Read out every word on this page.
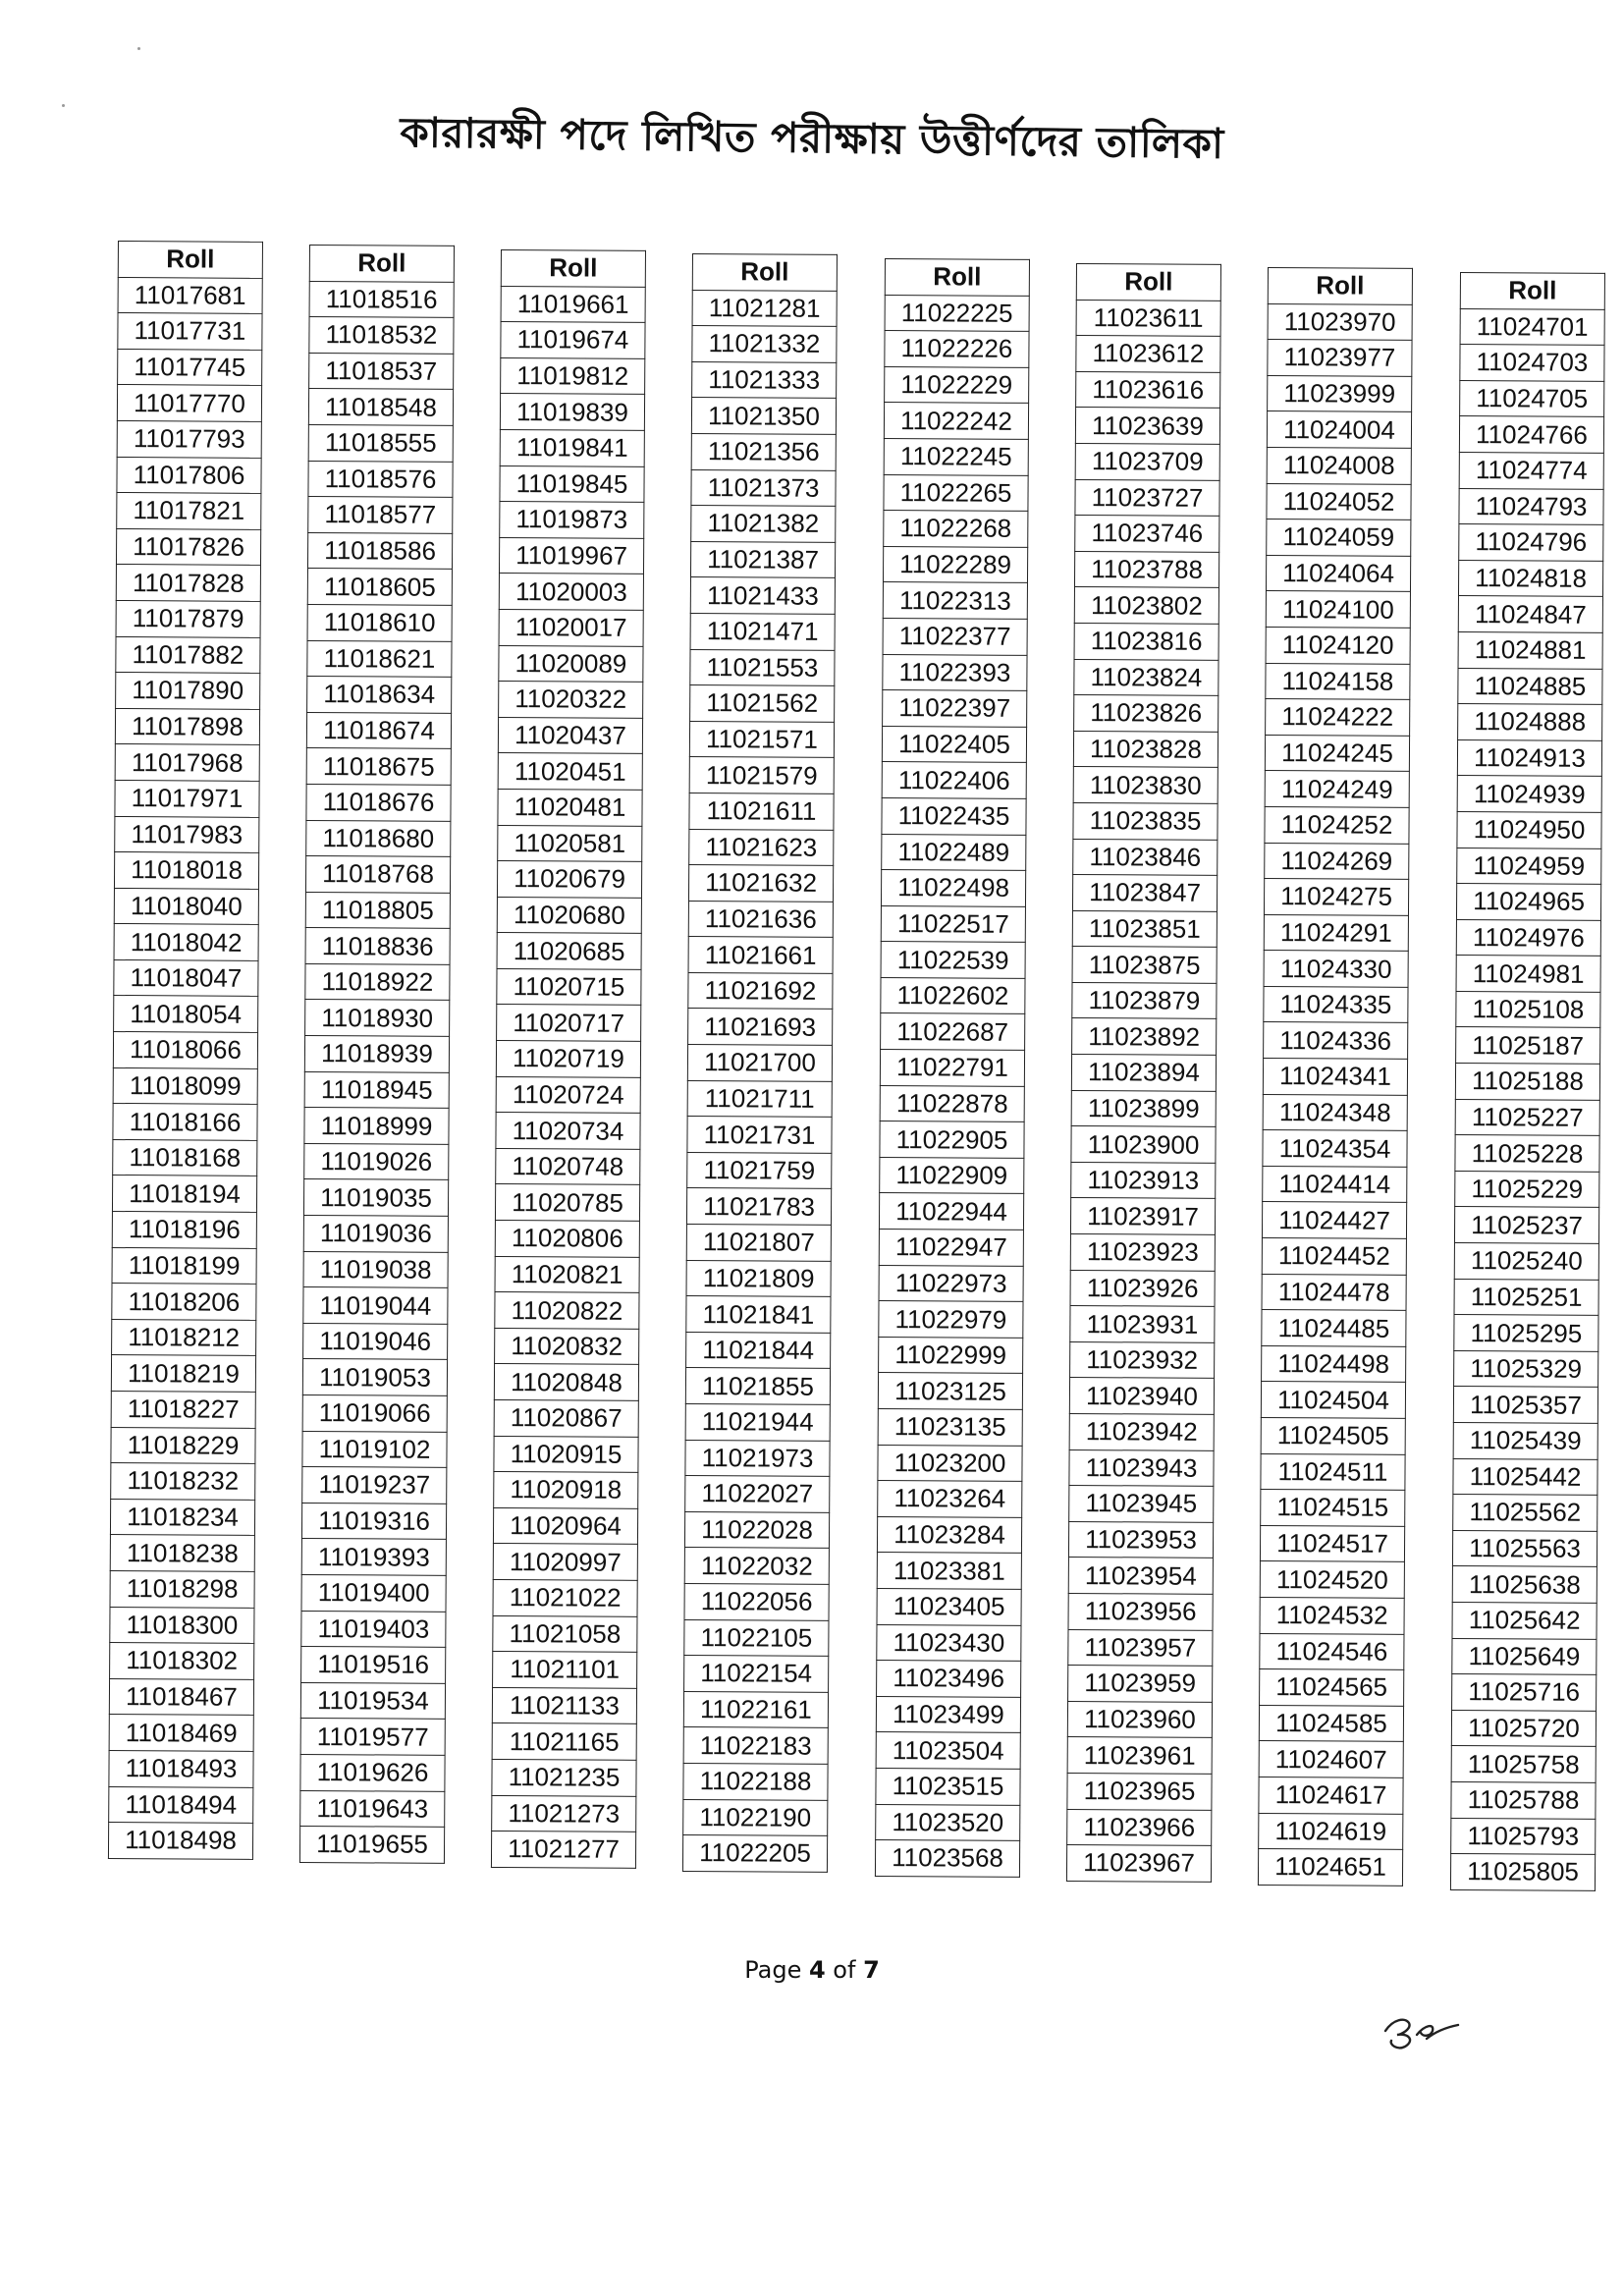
কারারক্ষী পদে লিখিত পরীক্ষায় উত্তীর্ণদের তালিকা
Roll
11017681
11017731
11017745
11017770
11017793
11017806
11017821
11017826
11017828
11017879
11017882
11017890
11017898
11017968
11017971
11017983
11018018
11018040
11018042
11018047
11018054
11018066
11018099
11018166
11018168
11018194
11018196
11018199
11018206
11018212
11018219
11018227
11018229
11018232
11018234
11018238
11018298
11018300
11018302
11018467
11018469
11018493
11018494
11018498
Roll
11018516
11018532
11018537
11018548
11018555
11018576
11018577
11018586
11018605
11018610
11018621
11018634
11018674
11018675
11018676
11018680
11018768
11018805
11018836
11018922
11018930
11018939
11018945
11018999
11019026
11019035
11019036
11019038
11019044
11019046
11019053
11019066
11019102
11019237
11019316
11019393
11019400
11019403
11019516
11019534
11019577
11019626
11019643
11019655
Roll
11019661
11019674
11019812
11019839
11019841
11019845
11019873
11019967
11020003
11020017
11020089
11020322
11020437
11020451
11020481
11020581
11020679
11020680
11020685
11020715
11020717
11020719
11020724
11020734
11020748
11020785
11020806
11020821
11020822
11020832
11020848
11020867
11020915
11020918
11020964
11020997
11021022
11021058
11021101
11021133
11021165
11021235
11021273
11021277
Roll
11021281
11021332
11021333
11021350
11021356
11021373
11021382
11021387
11021433
11021471
11021553
11021562
11021571
11021579
11021611
11021623
11021632
11021636
11021661
11021692
11021693
11021700
11021711
11021731
11021759
11021783
11021807
11021809
11021841
11021844
11021855
11021944
11021973
11022027
11022028
11022032
11022056
11022105
11022154
11022161
11022183
11022188
11022190
11022205
Roll
11022225
11022226
11022229
11022242
11022245
11022265
11022268
11022289
11022313
11022377
11022393
11022397
11022405
11022406
11022435
11022489
11022498
11022517
11022539
11022602
11022687
11022791
11022878
11022905
11022909
11022944
11022947
11022973
11022979
11022999
11023125
11023135
11023200
11023264
11023284
11023381
11023405
11023430
11023496
11023499
11023504
11023515
11023520
11023568
Roll
11023611
11023612
11023616
11023639
11023709
11023727
11023746
11023788
11023802
11023816
11023824
11023826
11023828
11023830
11023835
11023846
11023847
11023851
11023875
11023879
11023892
11023894
11023899
11023900
11023913
11023917
11023923
11023926
11023931
11023932
11023940
11023942
11023943
11023945
11023953
11023954
11023956
11023957
11023959
11023960
11023961
11023965
11023966
11023967
Roll
11023970
11023977
11023999
11024004
11024008
11024052
11024059
11024064
11024100
11024120
11024158
11024222
11024245
11024249
11024252
11024269
11024275
11024291
11024330
11024335
11024336
11024341
11024348
11024354
11024414
11024427
11024452
11024478
11024485
11024498
11024504
11024505
11024511
11024515
11024517
11024520
11024532
11024546
11024565
11024585
11024607
11024617
11024619
11024651
Roll
11024701
11024703
11024705
11024766
11024774
11024793
11024796
11024818
11024847
11024881
11024885
11024888
11024913
11024939
11024950
11024959
11024965
11024976
11024981
11025108
11025187
11025188
11025227
11025228
11025229
11025237
11025240
11025251
11025295
11025329
11025357
11025439
11025442
11025562
11025563
11025638
11025642
11025649
11025716
11025720
11025758
11025788
11025793
11025805
Page 4 of 7
